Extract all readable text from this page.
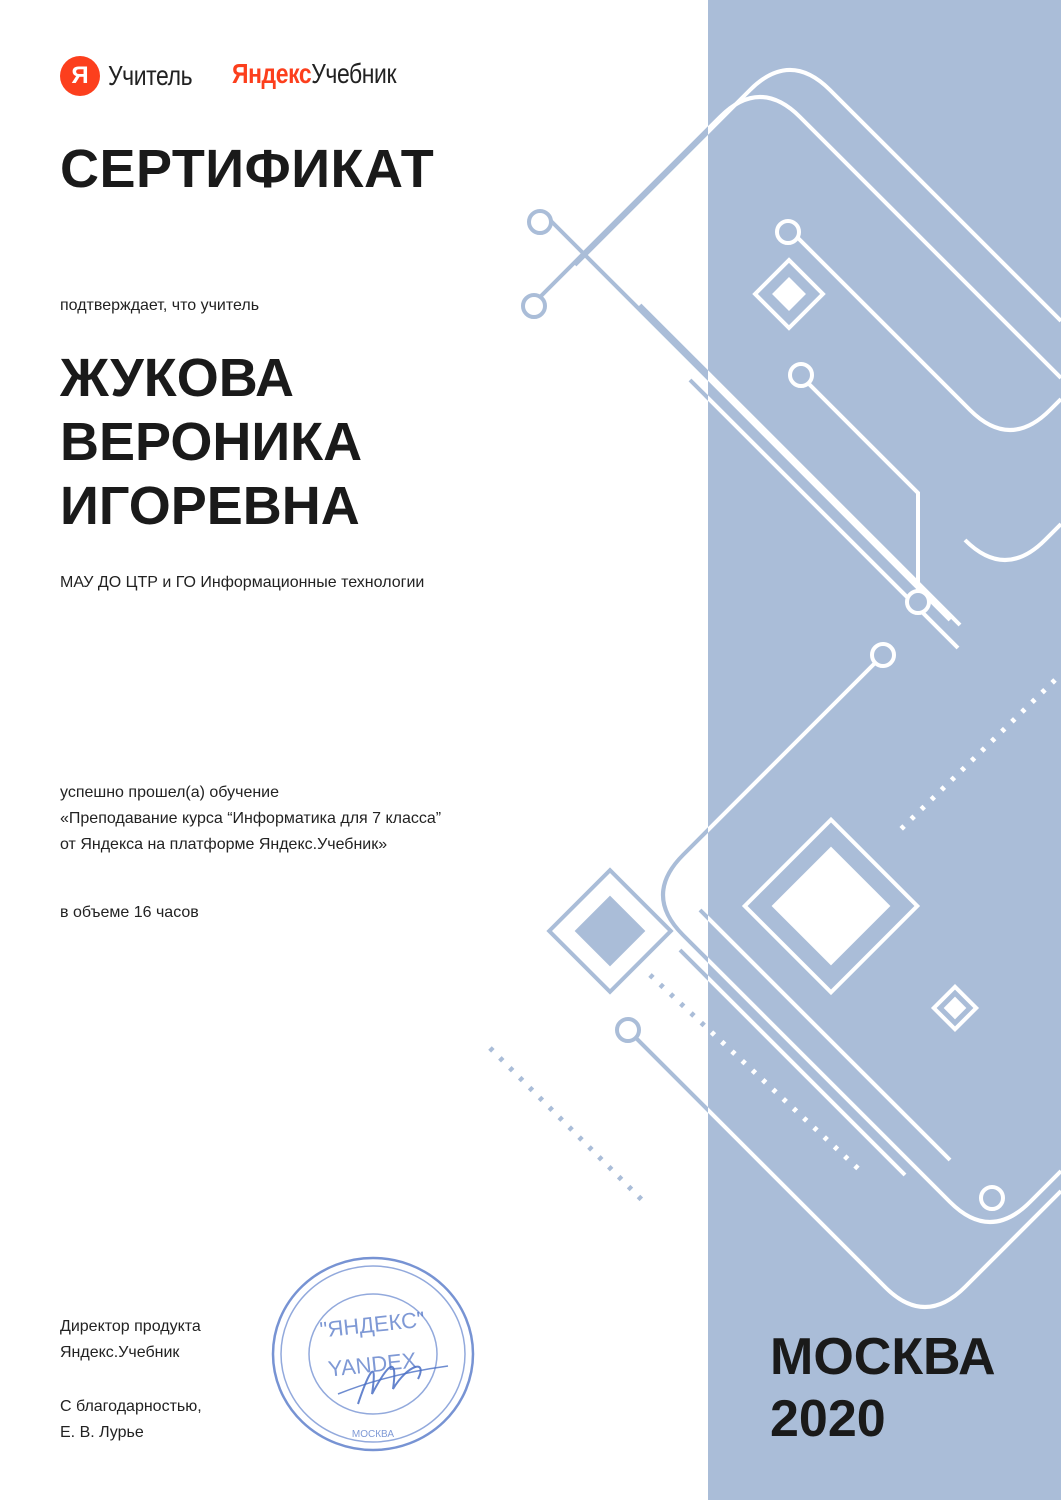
Я Учитель ЯндексУчебник
СЕРТИФИКАТ
подтверждает, что учитель
ЖУКОВА
ВЕРОНИКА
ИГОРЕВНА
МАУ ДО ЦТР и ГО Информационные технологии
успешно прошел(а) обучение
«Преподавание курса “Информатика для 7 класса”
от Яндекса на платформе Яндекс.Учебник»
в объеме 16 часов
Директор продукта
Яндекс.Учебник
С благодарностью,
Е. В. Лурье
"ЯНДЕКС"
YANDEX
МОСКВА
МОСКВА
2020
